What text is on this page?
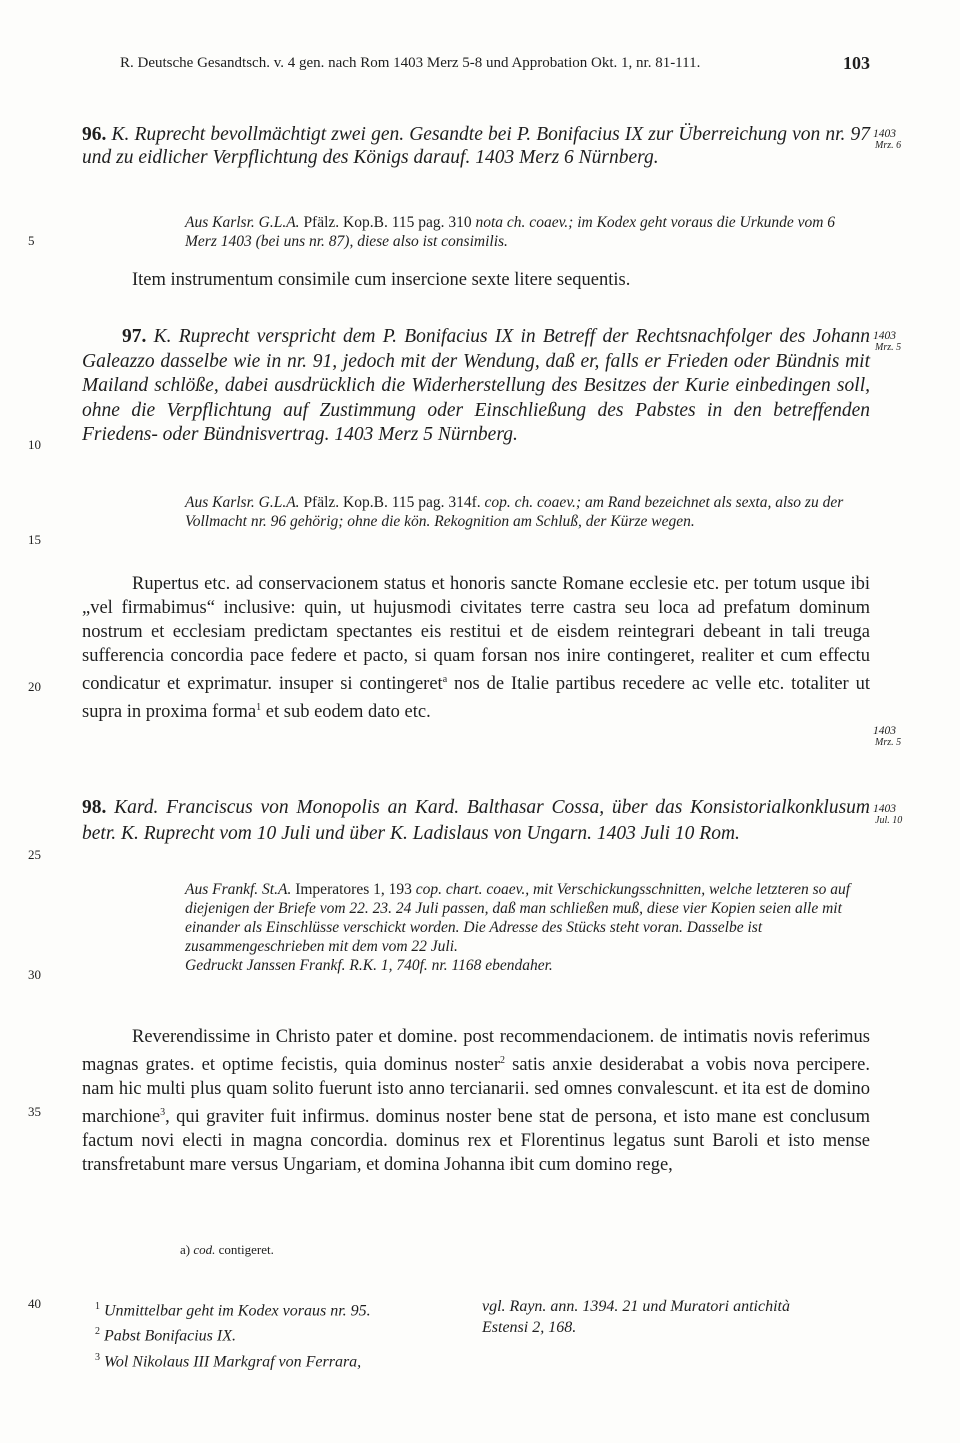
R. Deutsche Gesandtsch. v. 4 gen. nach Rom 1403 Merz 5-8 und Approbation Okt. 1, nr. 81-111.	103
5
10
15
20
25
30
35
40

96. K. Ruprecht bevollmächtigt zwei gen. Gesandte bei P. Bonifacius IX zur Überreichung von nr. 97 und zu eidlicher Verpflichtung des Königs darauf. 1403 Merz 6 Nürnberg.

1403
Mrz. 6
Aus Karlsr. G.L.A. Pfälz. Kop.B. 115 pag. 310 nota ch. coaev.; im Kodex geht voraus die Urkunde vom 6 Merz 1403 (bei uns nr. 87), diese also ist consimilis.

Item instrumentum consimile cum insercione sexte litere sequentis.

97. K. Ruprecht verspricht dem P. Bonifacius IX in Betreff der Rechtsnachfolger des Johann Galeazzo dasselbe wie in nr. 91, jedoch mit der Wendung, daß er, falls er Frieden oder Bündnis mit Mailand schlöße, dabei ausdrücklich die Widerherstellung des Besitzes der Kurie einbedingen soll, ohne die Verpflichtung auf Zustimmung oder Einschließung des Pabstes in den betreffenden Friedens- oder Bündnisvertrag. 1403 Merz 5 Nürnberg.

1403
Mrz. 5
Aus Karlsr. G.L.A. Pfälz. Kop.B. 115 pag. 314f. cop. ch. coaev.; am Rand bezeichnet als sexta, also zu der Vollmacht nr. 96 gehörig; ohne die kön. Rekognition am Schluß, der Kürze wegen.

Rupertus etc. ad conservacionem status et honoris sancte Romane ecclesie etc. per totum usque ibi „vel firmabimus“ inclusive: quin, ut hujusmodi civitates terre castra seu loca ad prefatum dominum nostrum et ecclesiam predictam spectantes eis restitui et de eisdem reintegrari debeant in tali treuga sufferencia concordia pace federe et pacto, si quam forsan nos inire contingeret, realiter et cum effectu condicatur et exprimatur. insuper si contingeret$^a$ nos de Italie partibus recedere ac velle etc. totaliter ut supra in proxima forma$^1$ et sub eodem dato etc.

1403
Mrz. 5

98. Kard. Franciscus von Monopolis an Kard. Balthasar Cossa, über das Konsistorialkonklusum betr. K. Ruprecht vom 10 Juli und über K. Ladislaus von Ungarn. 1403 Juli 10 Rom.

1403
Jul. 10
Aus Frankf. St.A. Imperatores 1, 193 cop. chart. coaev., mit Verschickungsschnitten, welche letzteren so auf diejenigen der Briefe vom 22. 23. 24 Juli passen, daß man schließen muß, diese vier Kopien seien alle mit einander als Einschlüsse verschickt worden. Die Adresse des Stücks steht voran. Dasselbe ist zusammengeschrieben mit dem vom 22 Juli.
Gedruckt Janssen Frankf. R.K. 1, 740f. nr. 1168 ebendaher.

Reverendissime in Christo pater et domine. post recommendacionem. de intimatis novis referimus magnas grates. et optime fecistis, quia dominus noster$^2$ satis anxie desiderabat a vobis nova percipere. nam hic multi plus quam solito fuerunt isto anno tercianarii. sed omnes convalescunt. et ita est de domino marchione$^3$, qui graviter fuit infirmus. dominus noster bene stat de persona, et isto mane est conclusum factum novi electi in magna concordia. dominus rex et Florentinus legatus sunt Baroli et isto mense transfretabunt mare versus Ungariam, et domina Johanna ibit cum domino rege,

a) cod. contigeret.
$^1$ Unmittelbar geht im Kodex voraus nr. 95.
$^2$ Pabst Bonifacius IX.
$^3$ Wol Nikolaus III Markgraf von Ferrara,
vgl. Rayn. ann. 1394. 21 und Muratori antichità
Estensi 2, 168.
